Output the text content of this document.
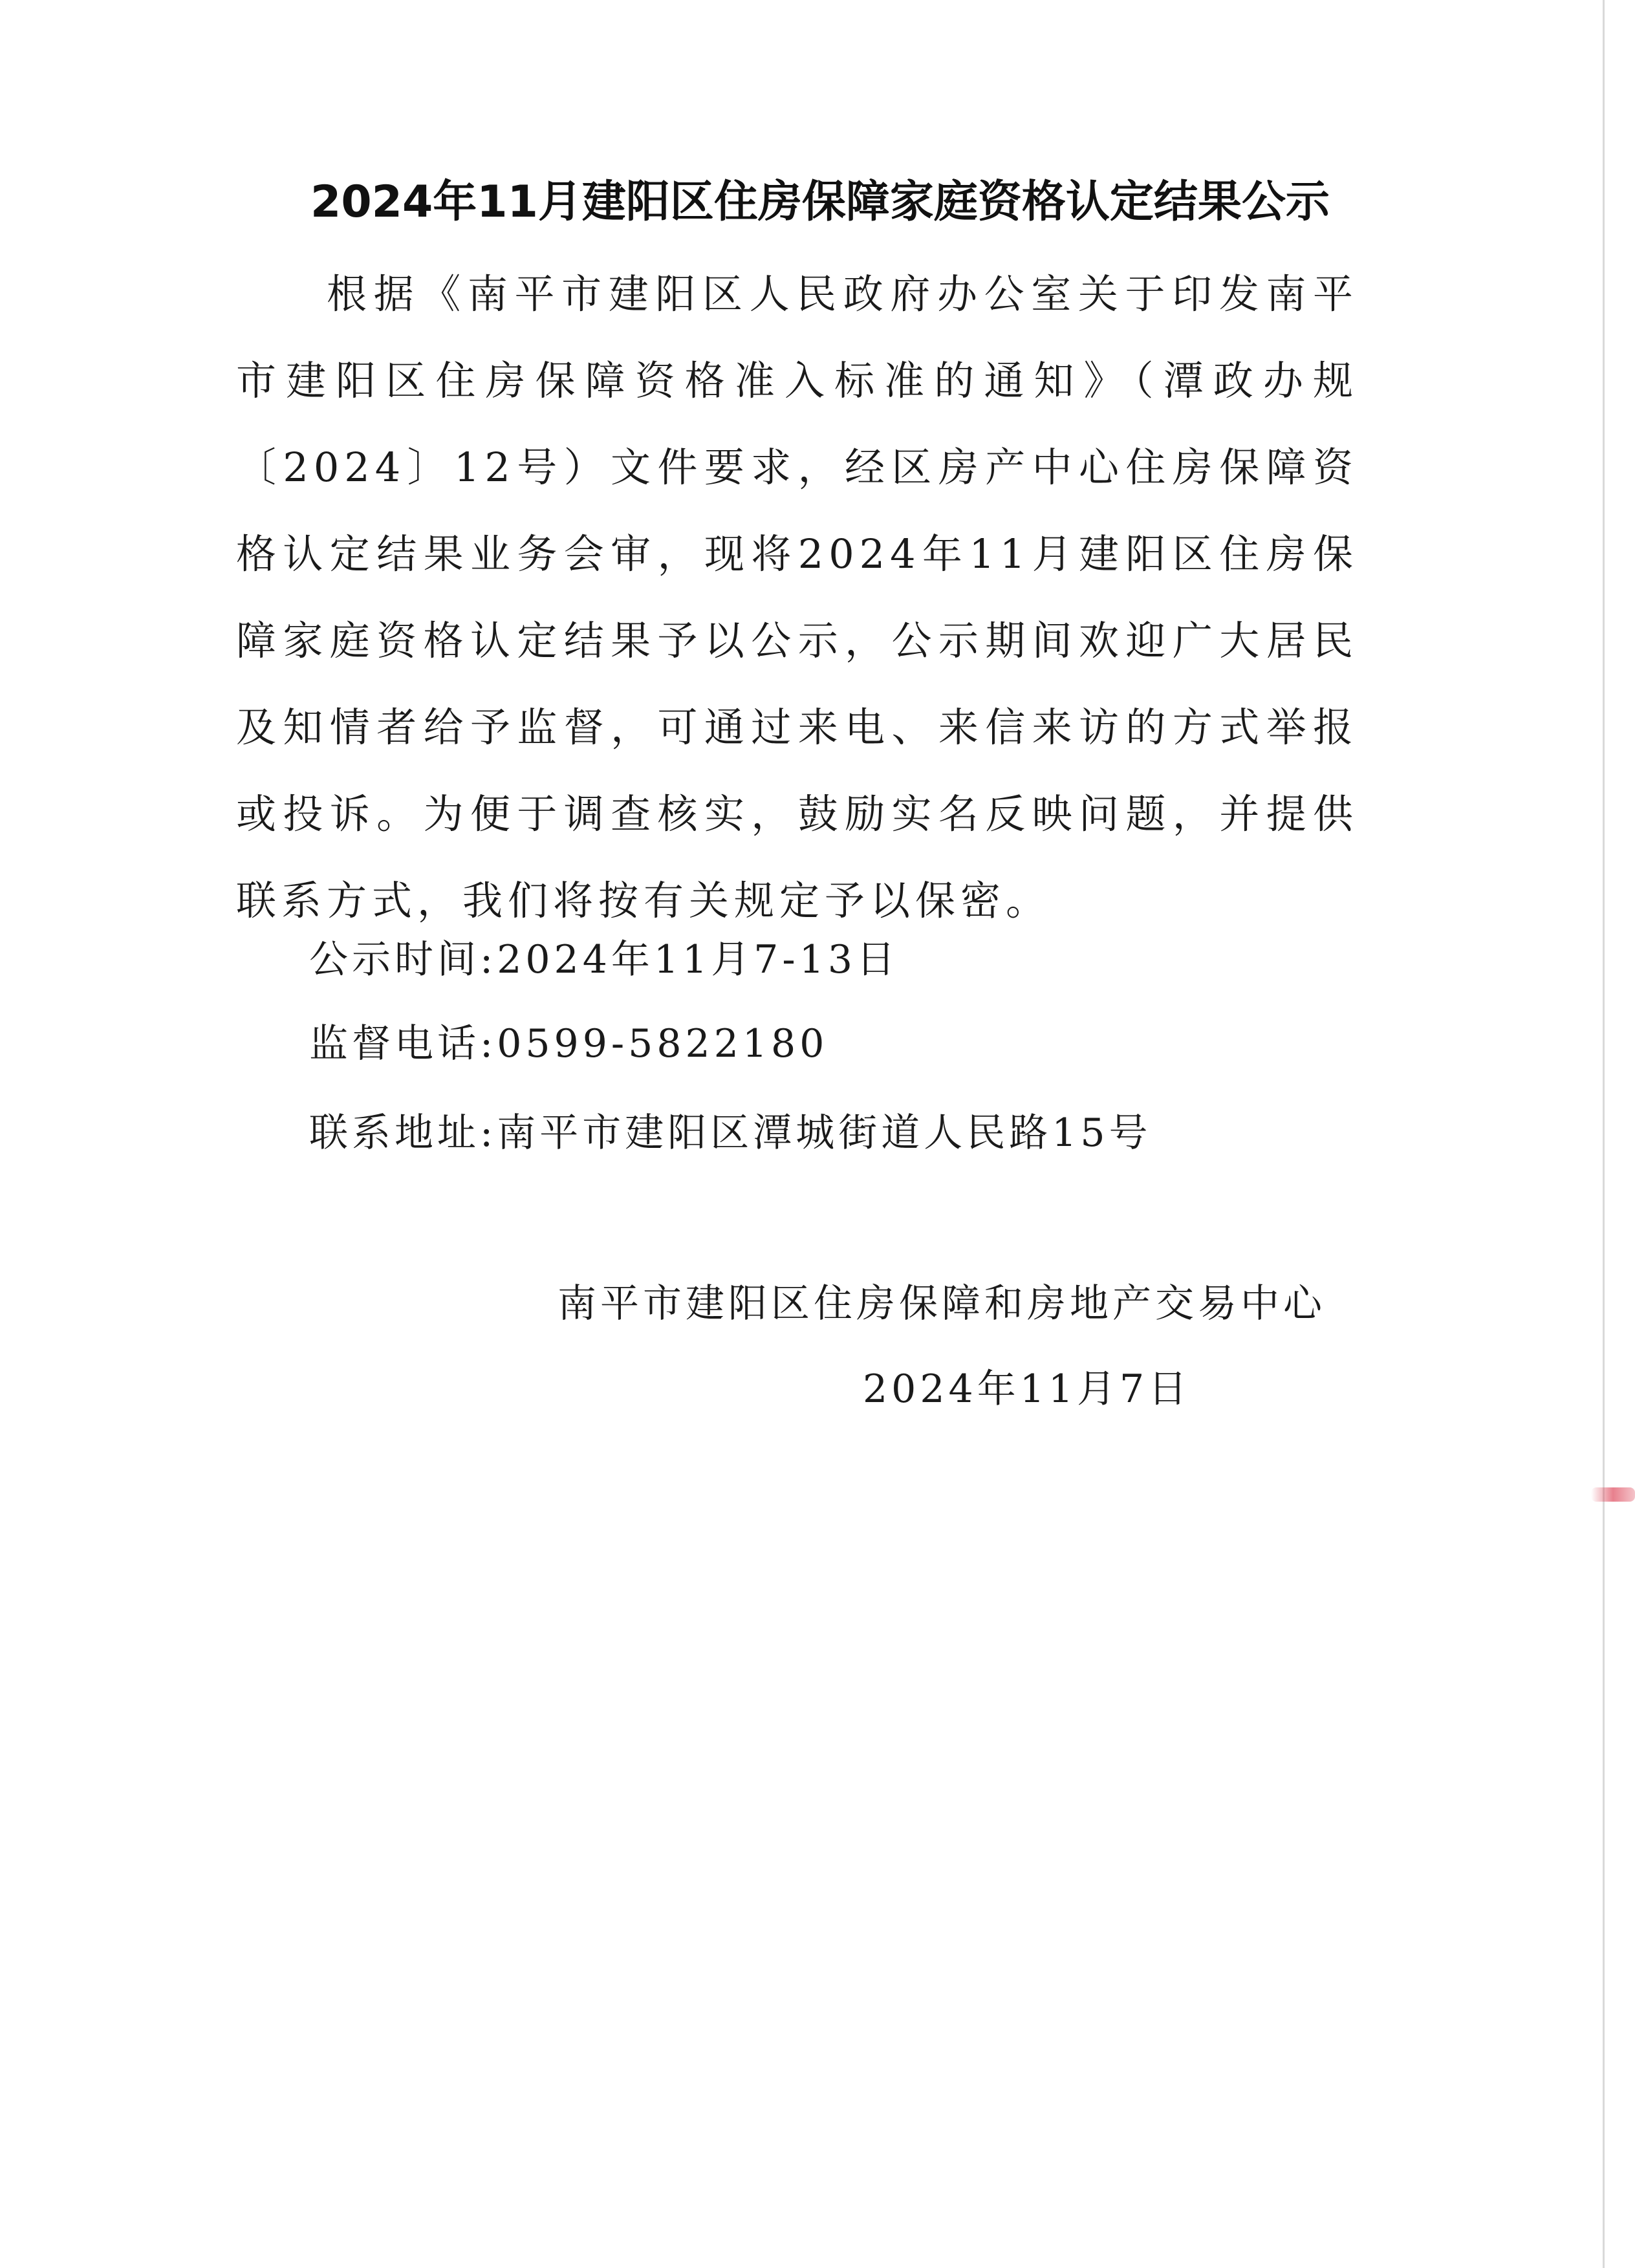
2024年11月建阳区住房保障家庭资格认定结果公示

根据《南平市建阳区人民政府办公室关于印发南平市建阳区住房保障资格准入标准的通知》（潭政办规〔2024〕12号）文件要求，经区房产中心住房保障资格认定结果业务会审，现将2024年11月建阳区住房保障家庭资格认定结果予以公示，公示期间欢迎广大居民及知情者给予监督，可通过来电、来信来访的方式举报或投诉。为便于调查核实，鼓励实名反映问题，并提供联系方式，我们将按有关规定予以保密。

公示时间:2024年11月7-13日
监督电话:0599-5822180
联系地址:南平市建阳区潭城街道人民路15号
南平市建阳区住房保障和房地产交易中心
2024年11月7日
